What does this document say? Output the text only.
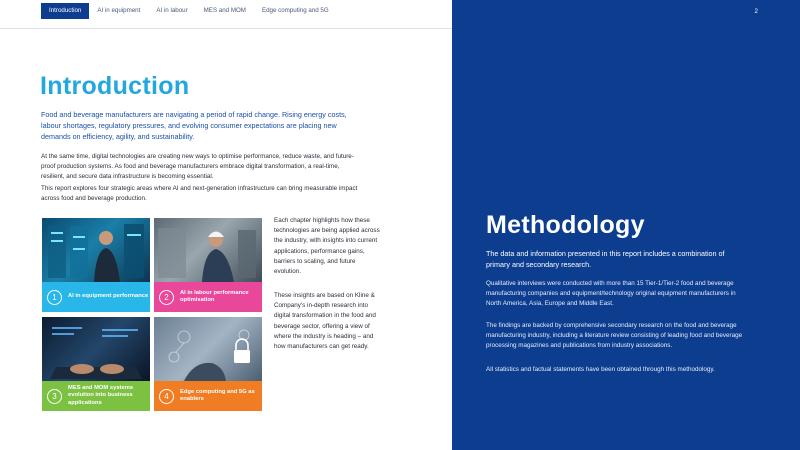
Introduction	AI in equipment	AI in labour	MES and MOM	Edge computing and 5G
Introduction

Food and beverage manufacturers are navigating a period of rapid change. Rising energy costs, labour shortages, regulatory pressures, and evolving consumer expectations are placing new demands on efficiency, agility, and sustainability.

At the same time, digital technologies are creating new ways to optimise performance, reduce waste, and future-proof production systems. As food and beverage manufacturers embrace digital transformation, a real-time, resilient, and secure data infrastructure is becoming essential.

This report explores four strategic areas where AI and next-generation infrastructure can bring measurable impact across food and beverage production.

1	AI in equipment performance	2	AI in labour performance optimisation
3
MES and MOM systems evolution into business applications
4	Edge computing and 5G as enablers

Each chapter highlights how these technologies are being applied across the industry, with insights into current applications, performance gains, barriers to scaling, and future evolution.

These insights are based on Kline & Company's in-depth research into digital transformation in the food and beverage sector, offering a view of where the industry is heading – and how manufacturers can get ready.

2
Methodology

The data and information presented in this report includes a combination of primary and secondary research.

Qualitative interviews were conducted with more than 15 Tier-1/Tier-2 food and beverage manufacturing companies and equipment/technology original equipment manufacturers in North America, Asia, Europe and Middle East.

The findings are backed by comprehensive secondary research on the food and beverage manufacturing industry, including a literature review consisting of leading food and beverage processing magazines and publications from industry associations.

All statistics and factual statements have been obtained through this methodology.
